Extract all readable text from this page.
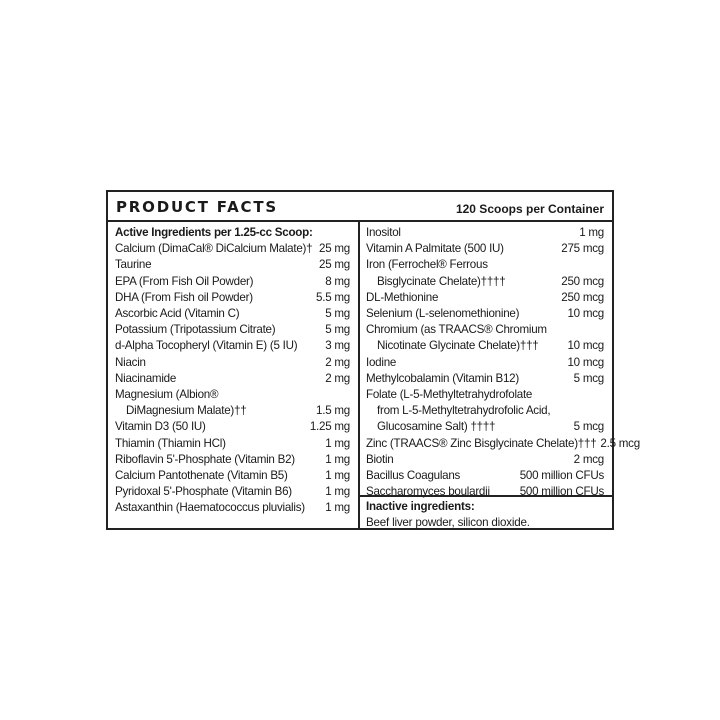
PRODUCT FACTS	120 Scoops per Container
Active Ingredients per 1.25-cc Scoop:
Calcium (DimaCal® DiCalcium Malate)† 25 mg
Taurine	25 mg
EPA (From Fish Oil Powder)	8 mg
DHA (From Fish oil Powder)	5.5 mg
Ascorbic Acid (Vitamin C)	5 mg
Potassium (Tripotassium Citrate)	5 mg
d-Alpha Tocopheryl (Vitamin E) (5 IU)	3 mg
Niacin	2 mg
Niacinamide	2 mg
Magnesium (Albion®
DiMagnesium Malate)††	1.5 mg
Vitamin D3 (50 IU)	1.25 mg
Thiamin (Thiamin HCl)	1 mg
Riboflavin 5'-Phosphate (Vitamin B2)	1 mg
Calcium Pantothenate (Vitamin B5)	1 mg
Pyridoxal 5'-Phosphate (Vitamin B6)	1 mg
Astaxanthin (Haematococcus pluvialis)	1 mg
Inositol	1 mg
Vitamin A Palmitate (500 IU)	275 mcg
Iron (Ferrochel® Ferrous
Bisglycinate Chelate)††††	250 mcg
DL-Methionine	250 mcg
Selenium (L-selenomethionine)	10 mcg
Chromium (as TRAACS® Chromium
Nicotinate Glycinate Chelate)†††	10 mcg
Iodine	10 mcg
Methylcobalamin (Vitamin B12)	5 mcg
Folate (L-5-Methyltetrahydrofolate
from L-5-Methyltetrahydrofolic Acid,
Glucosamine Salt) ††††	5 mcg
Zinc (TRAACS® Zinc Bisglycinate Chelate)††† 2.5 mcg
Biotin	2 mcg
Bacillus Coagulans	500 million CFUs
Saccharomyces boulardii	500 million CFUs
Inactive ingredients:
Beef liver powder, silicon dioxide.
